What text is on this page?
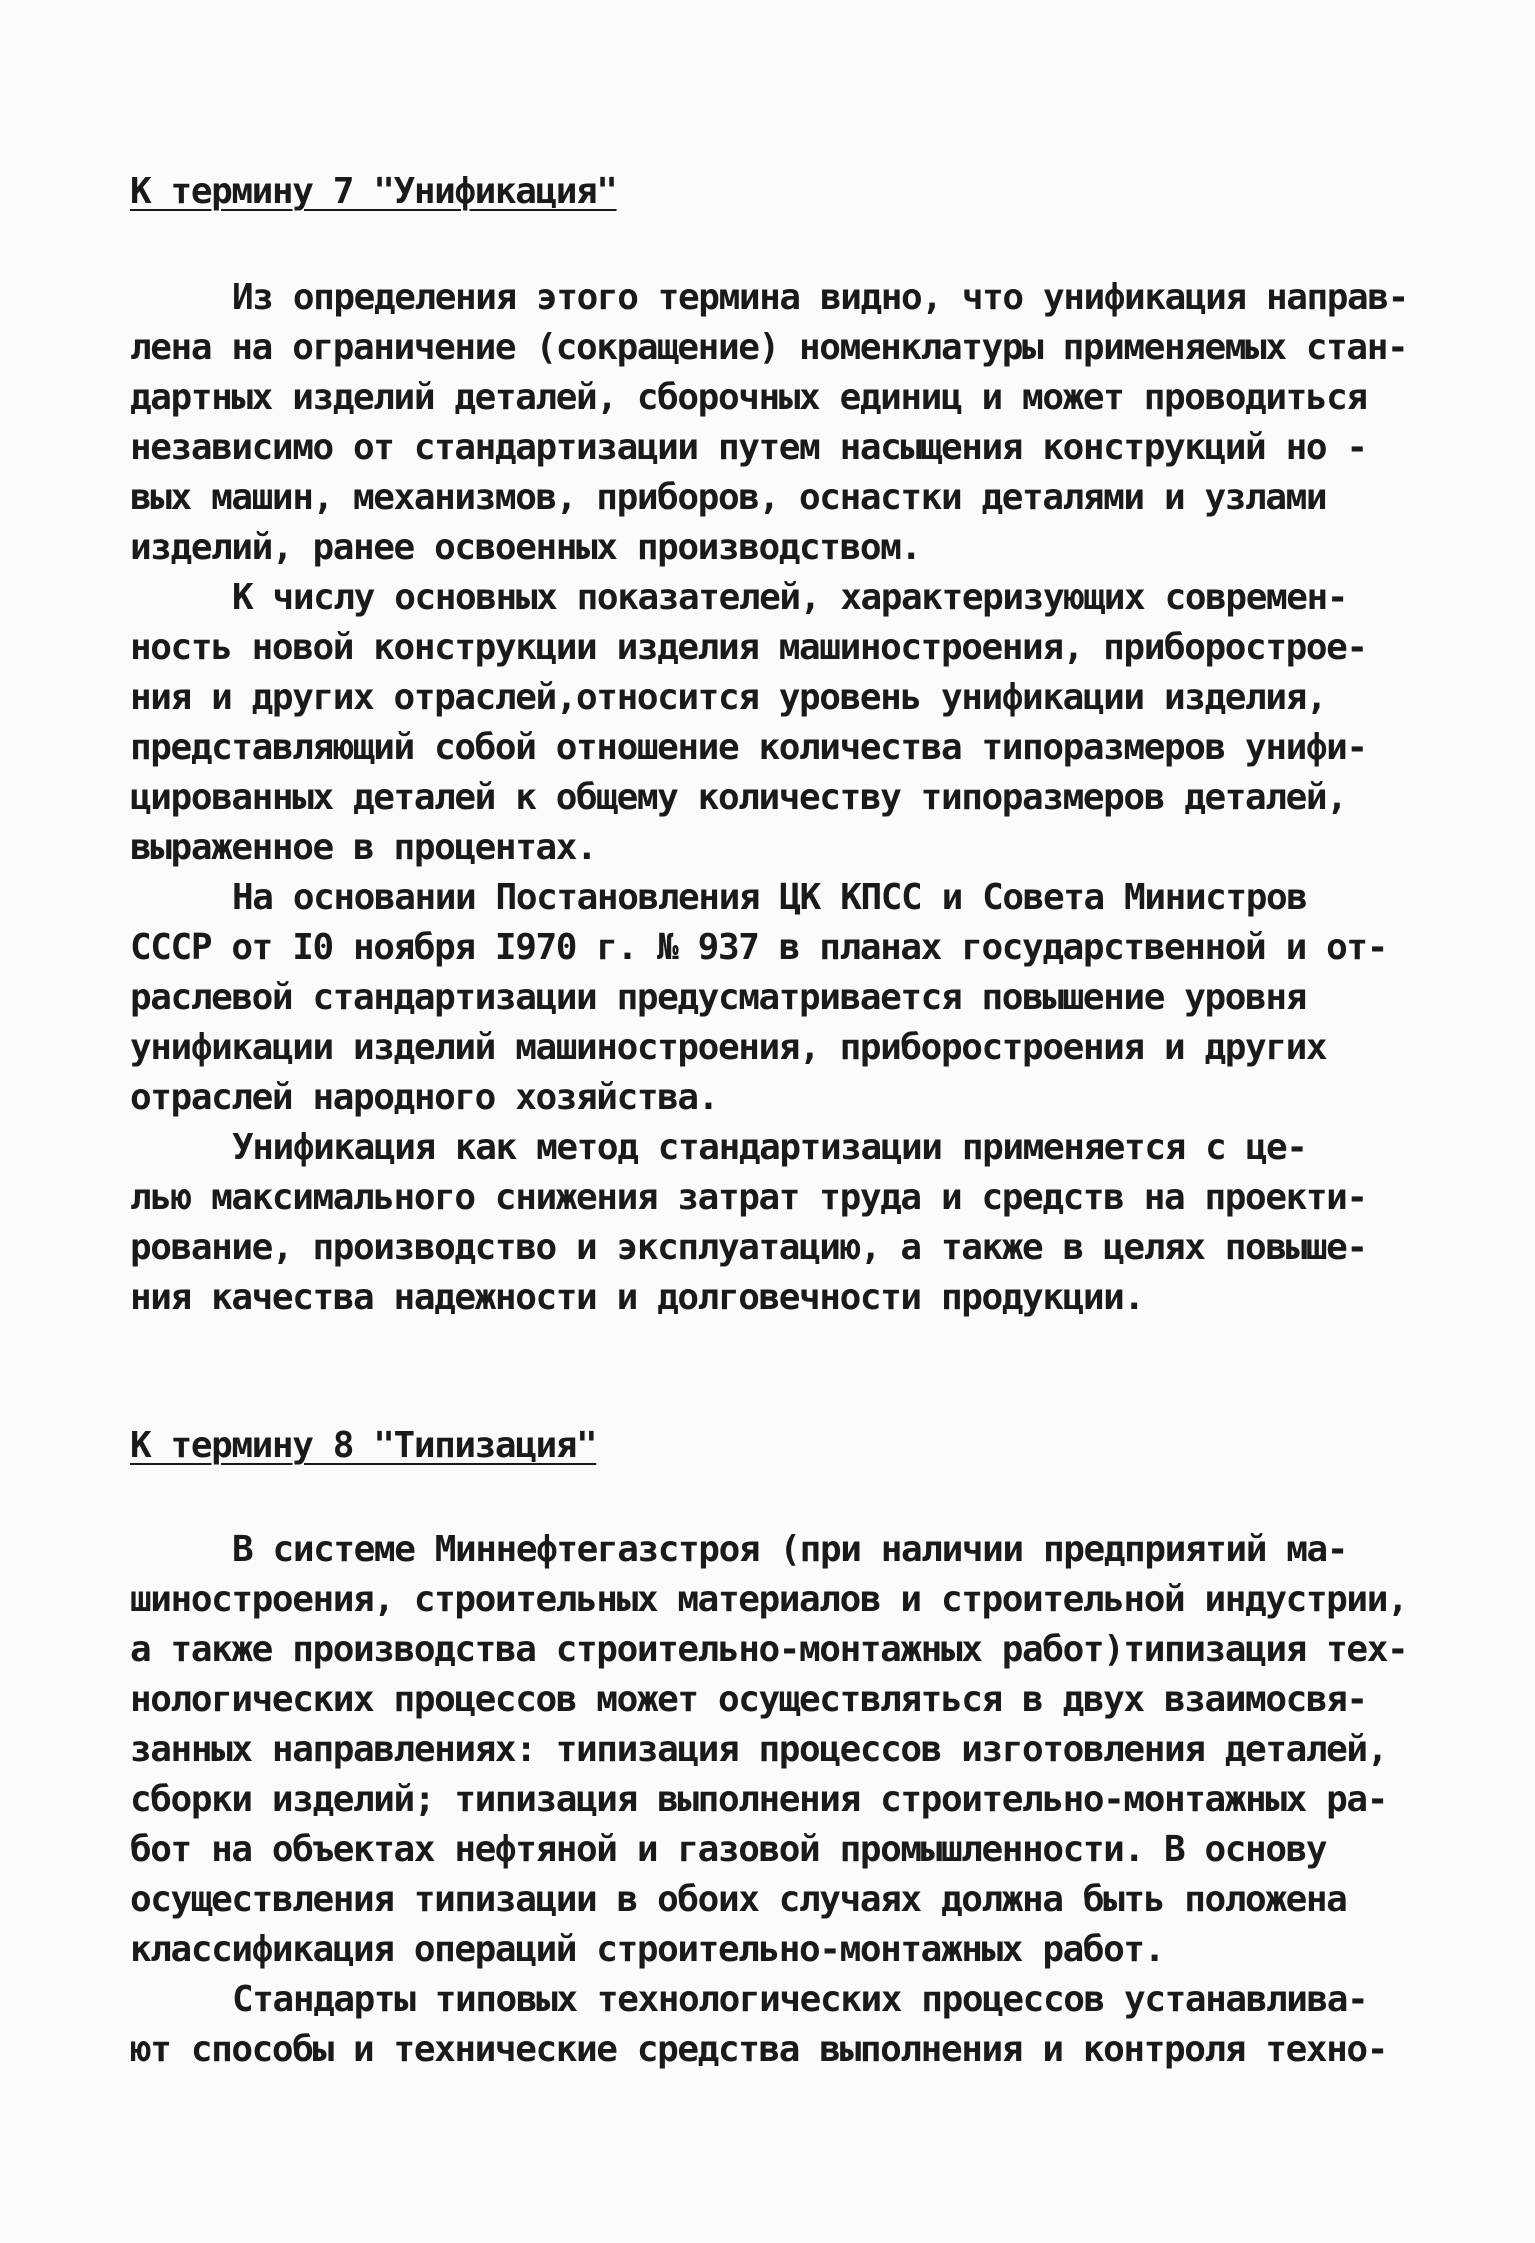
К термину 7 "Унификация"
Из определения этого термина видно, что унификация направ-
лена на ограничение (сокращение) номенклатуры применяемых стан-
дартных изделий деталей, сборочных единиц и может проводиться
независимо от стандартизации путем насыщения конструкций но -
вых машин, механизмов, приборов, оснастки деталями и узлами
изделий, ранее освоенных производством.
К числу основных показателей, характеризующих современ-
ность новой конструкции изделия машиностроения, приборострое-
ния и других отраслей,относится уровень унификации изделия,
представляющий собой отношение количества типоразмеров унифи-
цированных деталей к общему количеству типоразмеров деталей,
выраженное в процентах.
На основании Постановления ЦК КПСС и Совета Министров
СССР от I0 ноября I970 г. № 937 в планах государственной и от-
раслевой стандартизации предусматривается повышение уровня
унификации изделий машиностроения, приборостроения и других
отраслей народного хозяйства.
Унификация как метод стандартизации применяется с це-
лью максимального снижения затрат труда и средств на проекти-
рование, производство и эксплуатацию, а также в целях повыше-
ния качества надежности и долговечности продукции.
К термину 8 "Типизация"
В системе Миннефтегазстроя (при наличии предприятий ма-
шиностроения, строительных материалов и строительной индустрии,
а также производства строительно-монтажных работ)типизация тех-
нологических процессов может осуществляться в двух взаимосвя-
занных направлениях: типизация процессов изготовления деталей,
сборки изделий; типизация выполнения строительно-монтажных ра-
бот на объектах нефтяной и газовой промышленности. В основу
осуществления типизации в обоих случаях должна быть положена
классификация операций строительно-монтажных работ.
Стандарты типовых технологических процессов устанавлива-
ют способы и технические средства выполнения и контроля техно-
